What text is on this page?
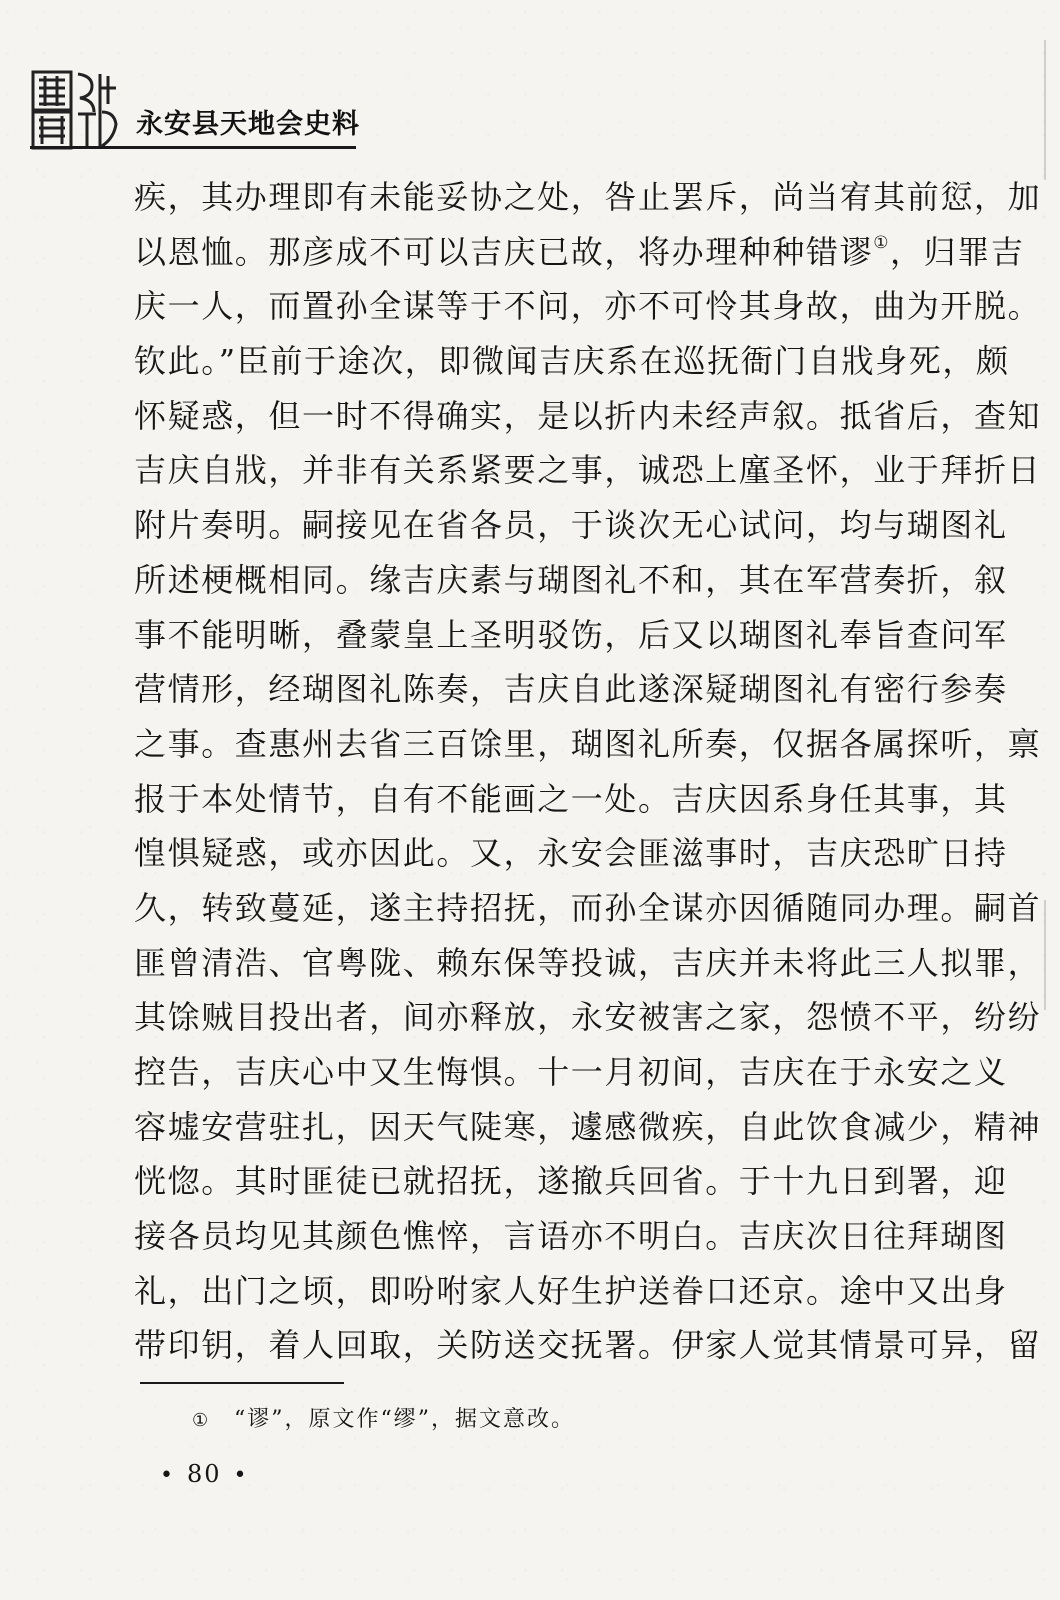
永安县天地会史料
疾，其办理即有未能妥协之处，咎止罢斥，尚当宥其前愆，加
以恩恤。那彦成不可以吉庆已故，将办理种种错谬①，归罪吉
庆一人，而置孙全谋等于不问，亦不可怜其身故，曲为开脱。
钦此。”臣前于途次，即微闻吉庆系在巡抚衙门自戕身死，颇
怀疑惑，但一时不得确实，是以折内未经声叙。抵省后，查知
吉庆自戕，并非有关系紧要之事，诚恐上廑圣怀，业于拜折日
附片奏明。嗣接见在省各员，于谈次无心试问，均与瑚图礼
所述梗概相同。缘吉庆素与瑚图礼不和，其在军营奏折，叙
事不能明晰，叠蒙皇上圣明驳饬，后又以瑚图礼奉旨查问军
营情形，经瑚图礼陈奏，吉庆自此遂深疑瑚图礼有密行参奏
之事。查惠州去省三百馀里，瑚图礼所奏，仅据各属探听，禀
报于本处情节，自有不能画之一处。吉庆因系身任其事，其
惶惧疑惑，或亦因此。又，永安会匪滋事时，吉庆恐旷日持
久，转致蔓延，遂主持招抚，而孙全谋亦因循随同办理。嗣首
匪曾清浩、官粤陇、赖东保等投诚，吉庆并未将此三人拟罪，
其馀贼目投出者，间亦释放，永安被害之家，怨愤不平，纷纷
控告，吉庆心中又生悔惧。十一月初间，吉庆在于永安之义
容墟安营驻扎，因天气陡寒，遽感微疾，自此饮食减少，精神
恍惚。其时匪徒已就招抚，遂撤兵回省。于十九日到署，迎
接各员均见其颜色憔悴，言语亦不明白。吉庆次日往拜瑚图
礼，出门之顷，即吩咐家人好生护送眷口还京。途中又出身
带印钥，着人回取，关防送交抚署。伊家人觉其情景可异，留
① “谬”，原文作“缪”，据文意改。
• 80 •
